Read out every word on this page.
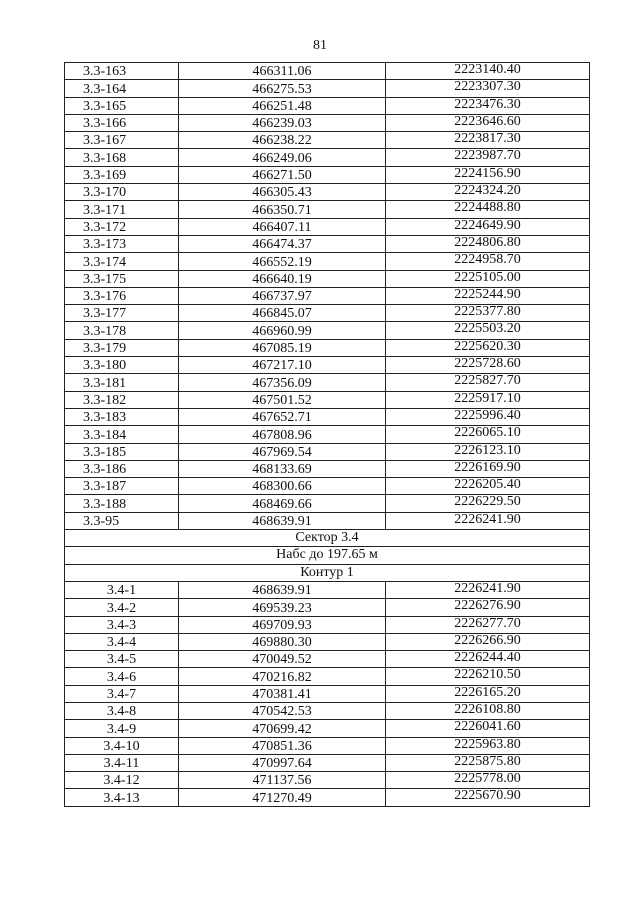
81
3.3-163	466311.06	2223140.40
3.3-164	466275.53	2223307.30
3.3-165	466251.48	2223476.30
3.3-166	466239.03	2223646.60
3.3-167	466238.22	2223817.30
3.3-168	466249.06	2223987.70
3.3-169	466271.50	2224156.90
3.3-170	466305.43	2224324.20
3.3-171	466350.71	2224488.80
3.3-172	466407.11	2224649.90
3.3-173	466474.37	2224806.80
3.3-174	466552.19	2224958.70
3.3-175	466640.19	2225105.00
3.3-176	466737.97	2225244.90
3.3-177	466845.07	2225377.80
3.3-178	466960.99	2225503.20
3.3-179	467085.19	2225620.30
3.3-180	467217.10	2225728.60
3.3-181	467356.09	2225827.70
3.3-182	467501.52	2225917.10
3.3-183	467652.71	2225996.40
3.3-184	467808.96	2226065.10
3.3-185	467969.54	2226123.10
3.3-186	468133.69	2226169.90
3.3-187	468300.66	2226205.40
3.3-188	468469.66	2226229.50
3.3-95	468639.91	2226241.90
Сектор 3.4		
Набс до 197.65 м		
Контур 1		
3.4-1	468639.91	2226241.90
3.4-2	469539.23	2226276.90
3.4-3	469709.93	2226277.70
3.4-4	469880.30	2226266.90
3.4-5	470049.52	2226244.40
3.4-6	470216.82	2226210.50
3.4-7	470381.41	2226165.20
3.4-8	470542.53	2226108.80
3.4-9	470699.42	2226041.60
3.4-10	470851.36	2225963.80
3.4-11	470997.64	2225875.80
3.4-12	471137.56	2225778.00
3.4-13	471270.49	2225670.90
